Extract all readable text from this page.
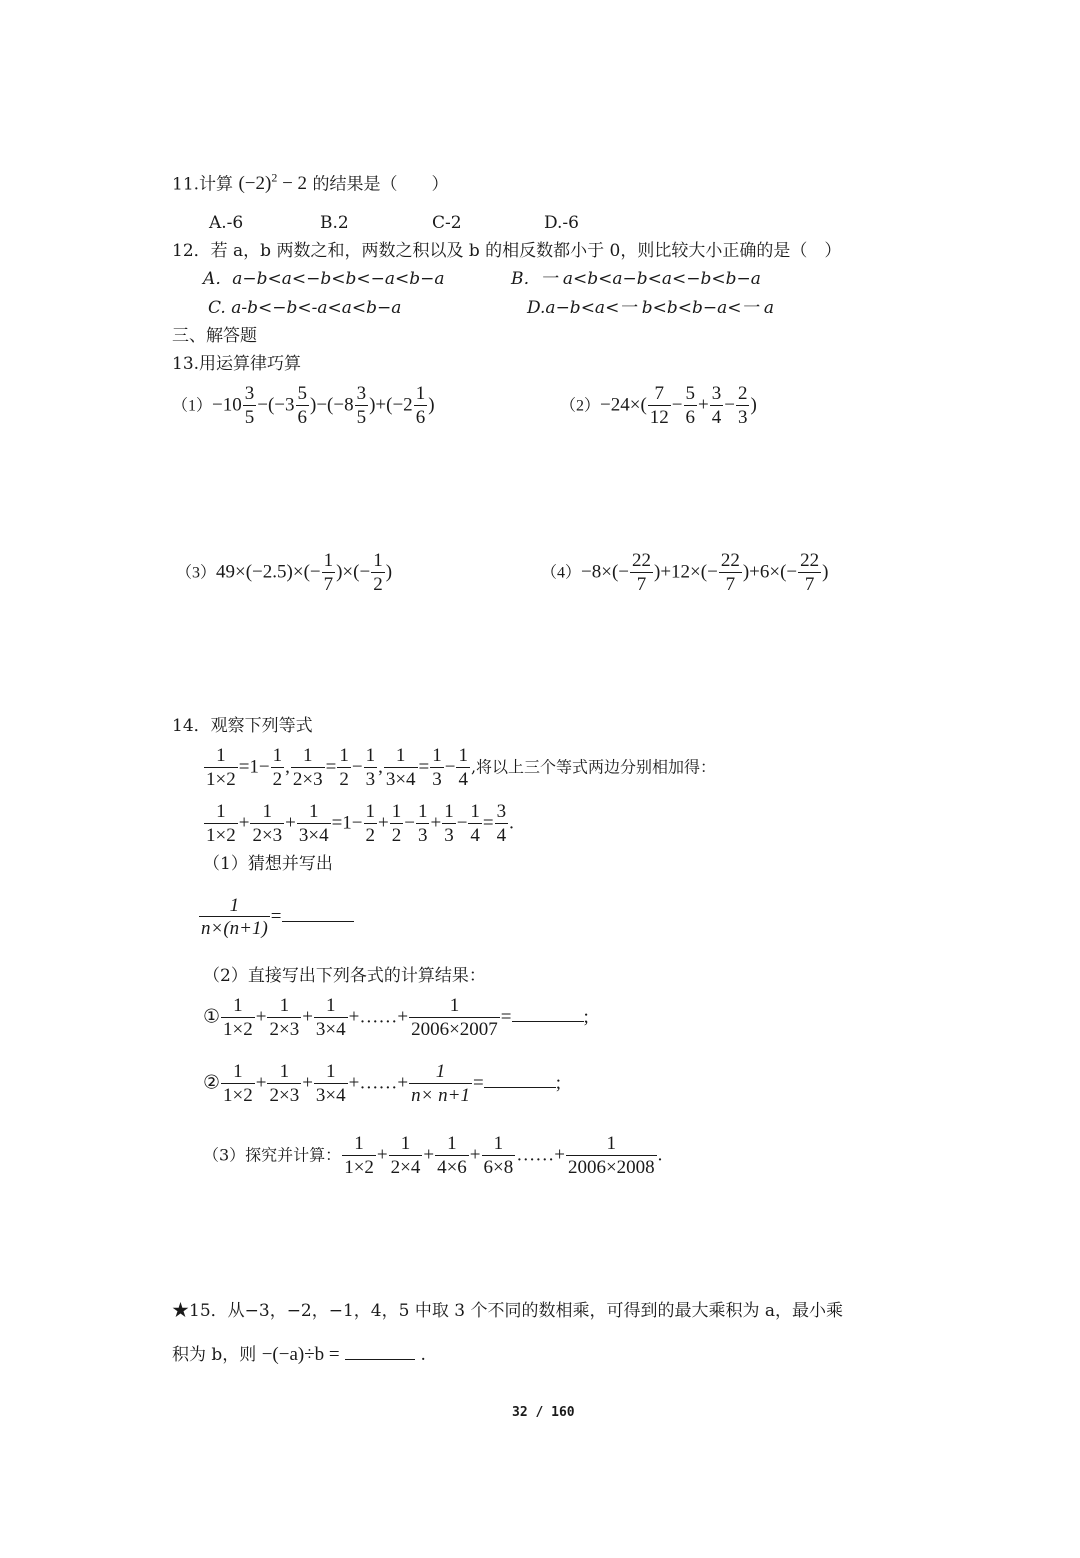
11.计算 $(-2)^2 - 2$ 的结果是（　　）
A.-6	B.2	C-2	D.-6
12．若 a，b 两数之和，两数之积以及 b 的相反数都小于 0，则比较大小正确的是（　）
A．a−b<a<−b<b<−a<b−a	B．一 a<b<a−b<a<−b<b−a
C. a-b<−b<-a<a<b−a	D.a−b<a<一 b<b<b−a<一 a
三、解答题
13.用运算律巧算
$(1)-10 \frac{3}{5} -(-3 \frac{5}{6} )-(-8 \frac{3}{5} )+(-2 \frac{1}{6}$ )	$(2)-24\times( \frac{7}{12} - \frac{5}{6} + \frac{3}{4} - \frac{2}{3}$ )
$(3)49\times(-2.5)\times(- \frac{1}{7}$ )×(− $\frac{1}{2}$ )	$(4)-8\times(- \frac{22}{7} )+12\times(- \frac{22}{7} )+6\times(- \frac{22}{7}$ )
14．观察下列等式
$\frac{1}{1\times 2} =1- \frac{1}{2}$ , $\frac{1}{2\times 3} = \frac{1}{2} - \frac{1}{3}$ , $\frac{1}{3\times 4} = \frac{1}{3} - \frac{1}{4}$ ,将以上三个等式两边分别相加得：
$\frac{1}{1\times 2} + \frac{1}{2\times 3} + \frac{1}{3\times 4} =1- \frac{1}{2} + \frac{1}{2} - \frac{1}{3} + \frac{1}{3} - \frac{1}{4} = \frac{3}{4}$ .
（1）猜想并写出
$\frac{1}{n\times(n+1)}$ =
（2）直接写出下列各式的计算结果：
① $\frac{1}{1\times 2} + \frac{1}{2\times 3} + \frac{1}{3\times 4}$ +……+ $\frac{1}{2006\times 2007}$ =	;
② $\frac{1}{1\times 2} + \frac{1}{2\times 3} + \frac{1}{3\times 4}$ +……+ $\frac{1}{n\times n+1}$ =	;
（3）探究并计算： $\frac{1}{1\times 2} + \frac{1}{2\times 4} + \frac{1}{4\times 6} + \frac{1}{6\times 8}$ ……+ $\frac{1}{2006\times 2008}$ .
★15．从−3，−2，−1，4，5 中取 3 个不同的数相乘，可得到的最大乘积为 a，最小乘
积为 b，则 −(−a)÷b =	.
32 / 160
